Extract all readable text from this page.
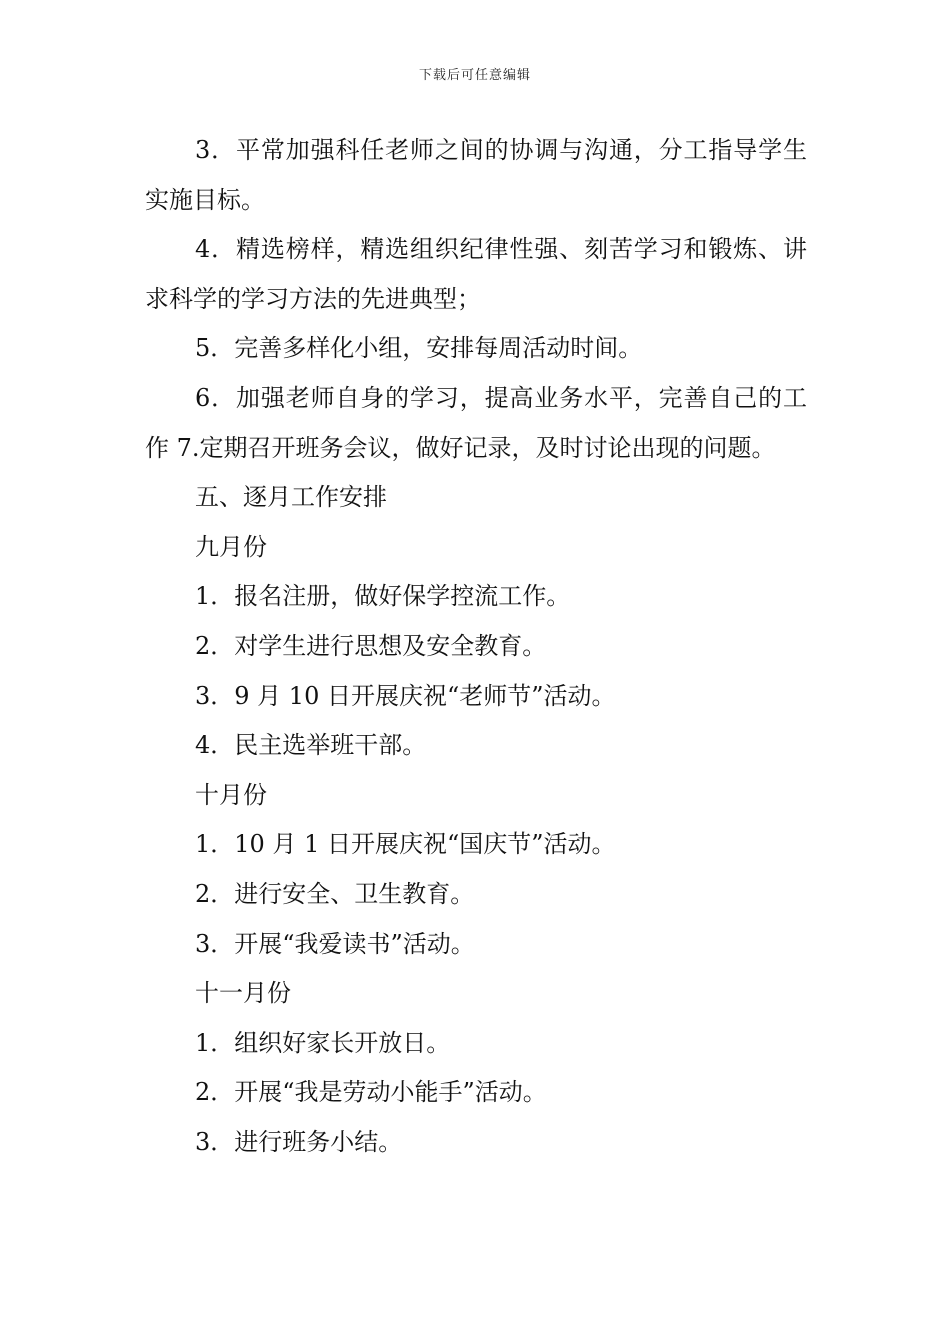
下载后可任意编辑

3．平常加强科任老师之间的协调与沟通，分工指导学生实施目标。

4．精选榜样，精选组织纪律性强、刻苦学习和锻炼、讲求科学的学习方法的先进典型；

5．完善多样化小组，安排每周活动时间。

6．加强老师自身的学习，提高业务水平，完善自己的工作 7.定期召开班务会议，做好记录，及时讨论出现的问题。

五、逐月工作安排

九月份

1．报名注册，做好保学控流工作。

2．对学生进行思想及安全教育。

3．9 月 10 日开展庆祝“老师节”活动。

4．民主选举班干部。

十月份

1．10 月 1 日开展庆祝“国庆节”活动。

2．进行安全、卫生教育。

3．开展“我爱读书”活动。

十一月份

1．组织好家长开放日。

2．开展“我是劳动小能手”活动。

3．进行班务小结。
